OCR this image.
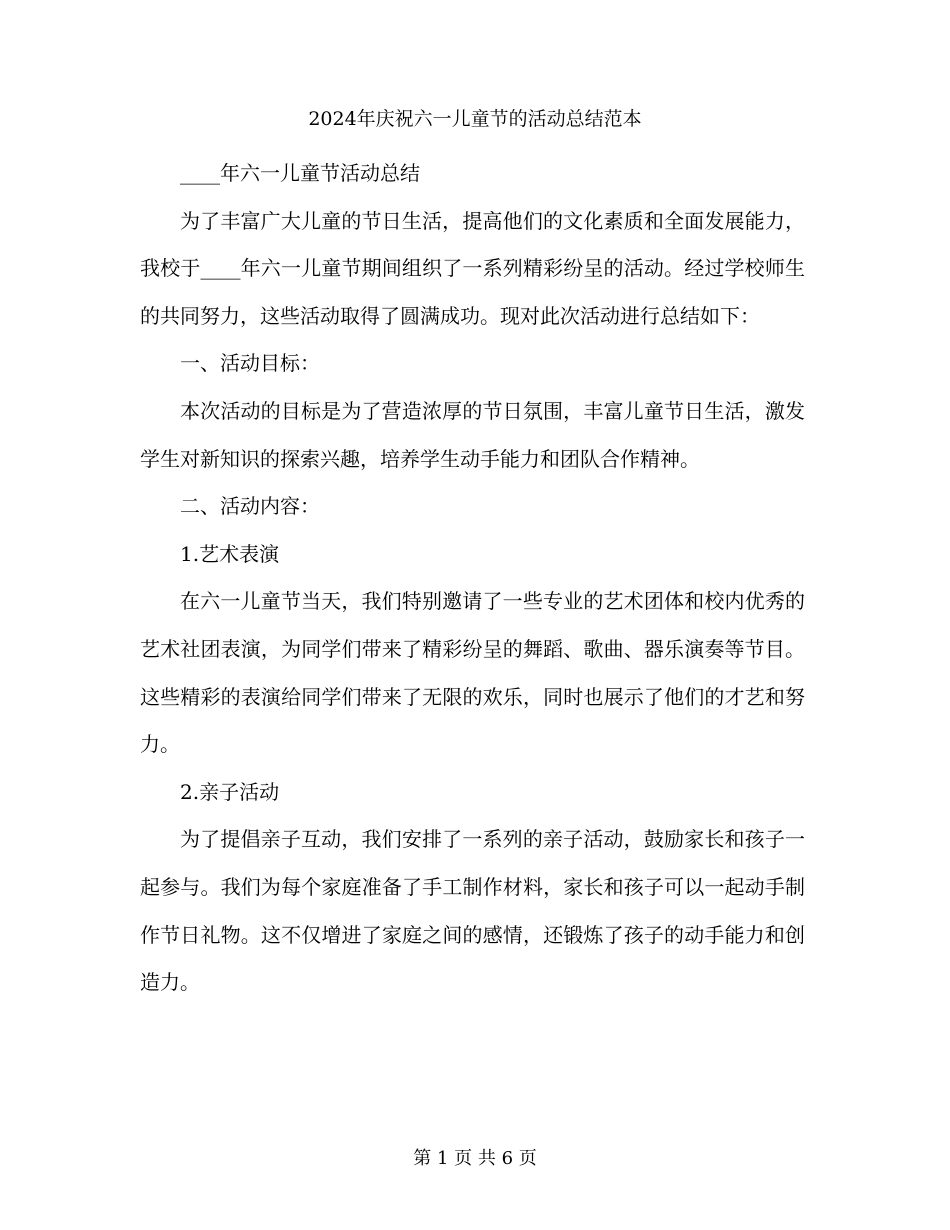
2024年庆祝六一儿童节的活动总结范本

____年六一儿童节活动总结

为了丰富广大儿童的节日生活，提高他们的文化素质和全面发展能力，我校于____年六一儿童节期间组织了一系列精彩纷呈的活动。经过学校师生的共同努力，这些活动取得了圆满成功。现对此次活动进行总结如下：

一、活动目标：

本次活动的目标是为了营造浓厚的节日氛围，丰富儿童节日生活，激发学生对新知识的探索兴趣，培养学生动手能力和团队合作精神。

二、活动内容：

1.艺术表演

在六一儿童节当天，我们特别邀请了一些专业的艺术团体和校内优秀的艺术社团表演，为同学们带来了精彩纷呈的舞蹈、歌曲、器乐演奏等节目。这些精彩的表演给同学们带来了无限的欢乐，同时也展示了他们的才艺和努力。

2.亲子活动

为了提倡亲子互动，我们安排了一系列的亲子活动，鼓励家长和孩子一起参与。我们为每个家庭准备了手工制作材料，家长和孩子可以一起动手制作节日礼物。这不仅增进了家庭之间的感情，还锻炼了孩子的动手能力和创造力。

第 1 页 共 6 页
